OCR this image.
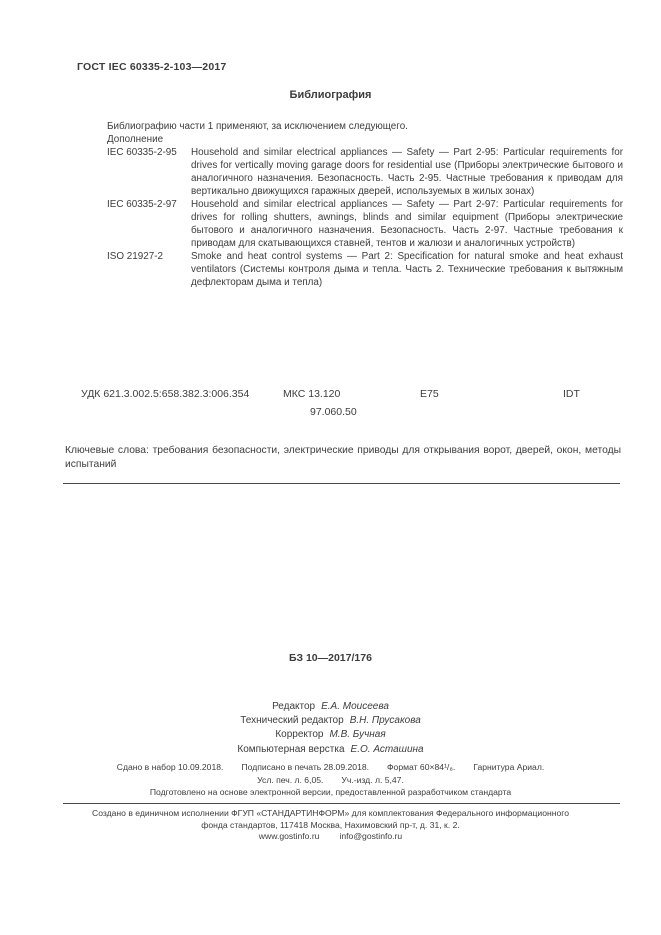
ГОСТ IEC 60335-2-103—2017
Библиография

Библиографию части 1 применяют, за исключением следующего.

Дополнение

IEC 60335-2-95	Household and similar electrical appliances — Safety — Part 2-95: Particular requirements for drives for vertically moving garage doors for residential use (Приборы электрические бытового и аналогичного назначения. Безопасность. Часть 2-95. Частные требования к приводам для вертикально движущихся гаражных дверей, используемых в жилых зонах)
IEC 60335-2-97	Household and similar electrical appliances — Safety — Part 2-97: Particular requirements for drives for rolling shutters, awnings, blinds and similar equipment (Приборы электрические бытового и аналогичного назначения. Безопасность. Часть 2-97. Частные требования к приводам для скатывающихся ставней, тентов и жалюзи и аналогичных устройств)
ISO 21927-2	Smoke and heat control systems — Part 2: Specification for natural smoke and heat exhaust ventilators (Системы контроля дыма и тепла. Часть 2. Технические требования к вытяжным дефлекторам дыма и тепла)
УДК 621.3.002.5:658.382.3:006.354	МКС 13.120
97.060.50
Е75	IDT
Ключевые слова: требования безопасности, электрические приводы для открывания ворот, дверей, окон, методы испытаний
БЗ 10—2017/176
Редактор Е.А. Моисеева
Технический редактор В.Н. Прусакова
Корректор М.В. Бучная
Компьютерная верстка Е.О. Асташина
Сдано в набор 10.09.2018. Подписано в печать 28.09.2018. Формат 60×84¹/₈. Гарнитура Ариал.
Усл. печ. л. 6,05. Уч.-изд. л. 5,47.
Подготовлено на основе электронной версии, предоставленной разработчиком стандарта
Создано в единичном исполнении ФГУП «СТАНДАРТИНФОРМ» для комплектования Федерального информационного
фонда стандартов, 117418 Москва, Нахимовский пр-т, д. 31, к. 2.
www.gostinfo.ru info@gostinfo.ru
